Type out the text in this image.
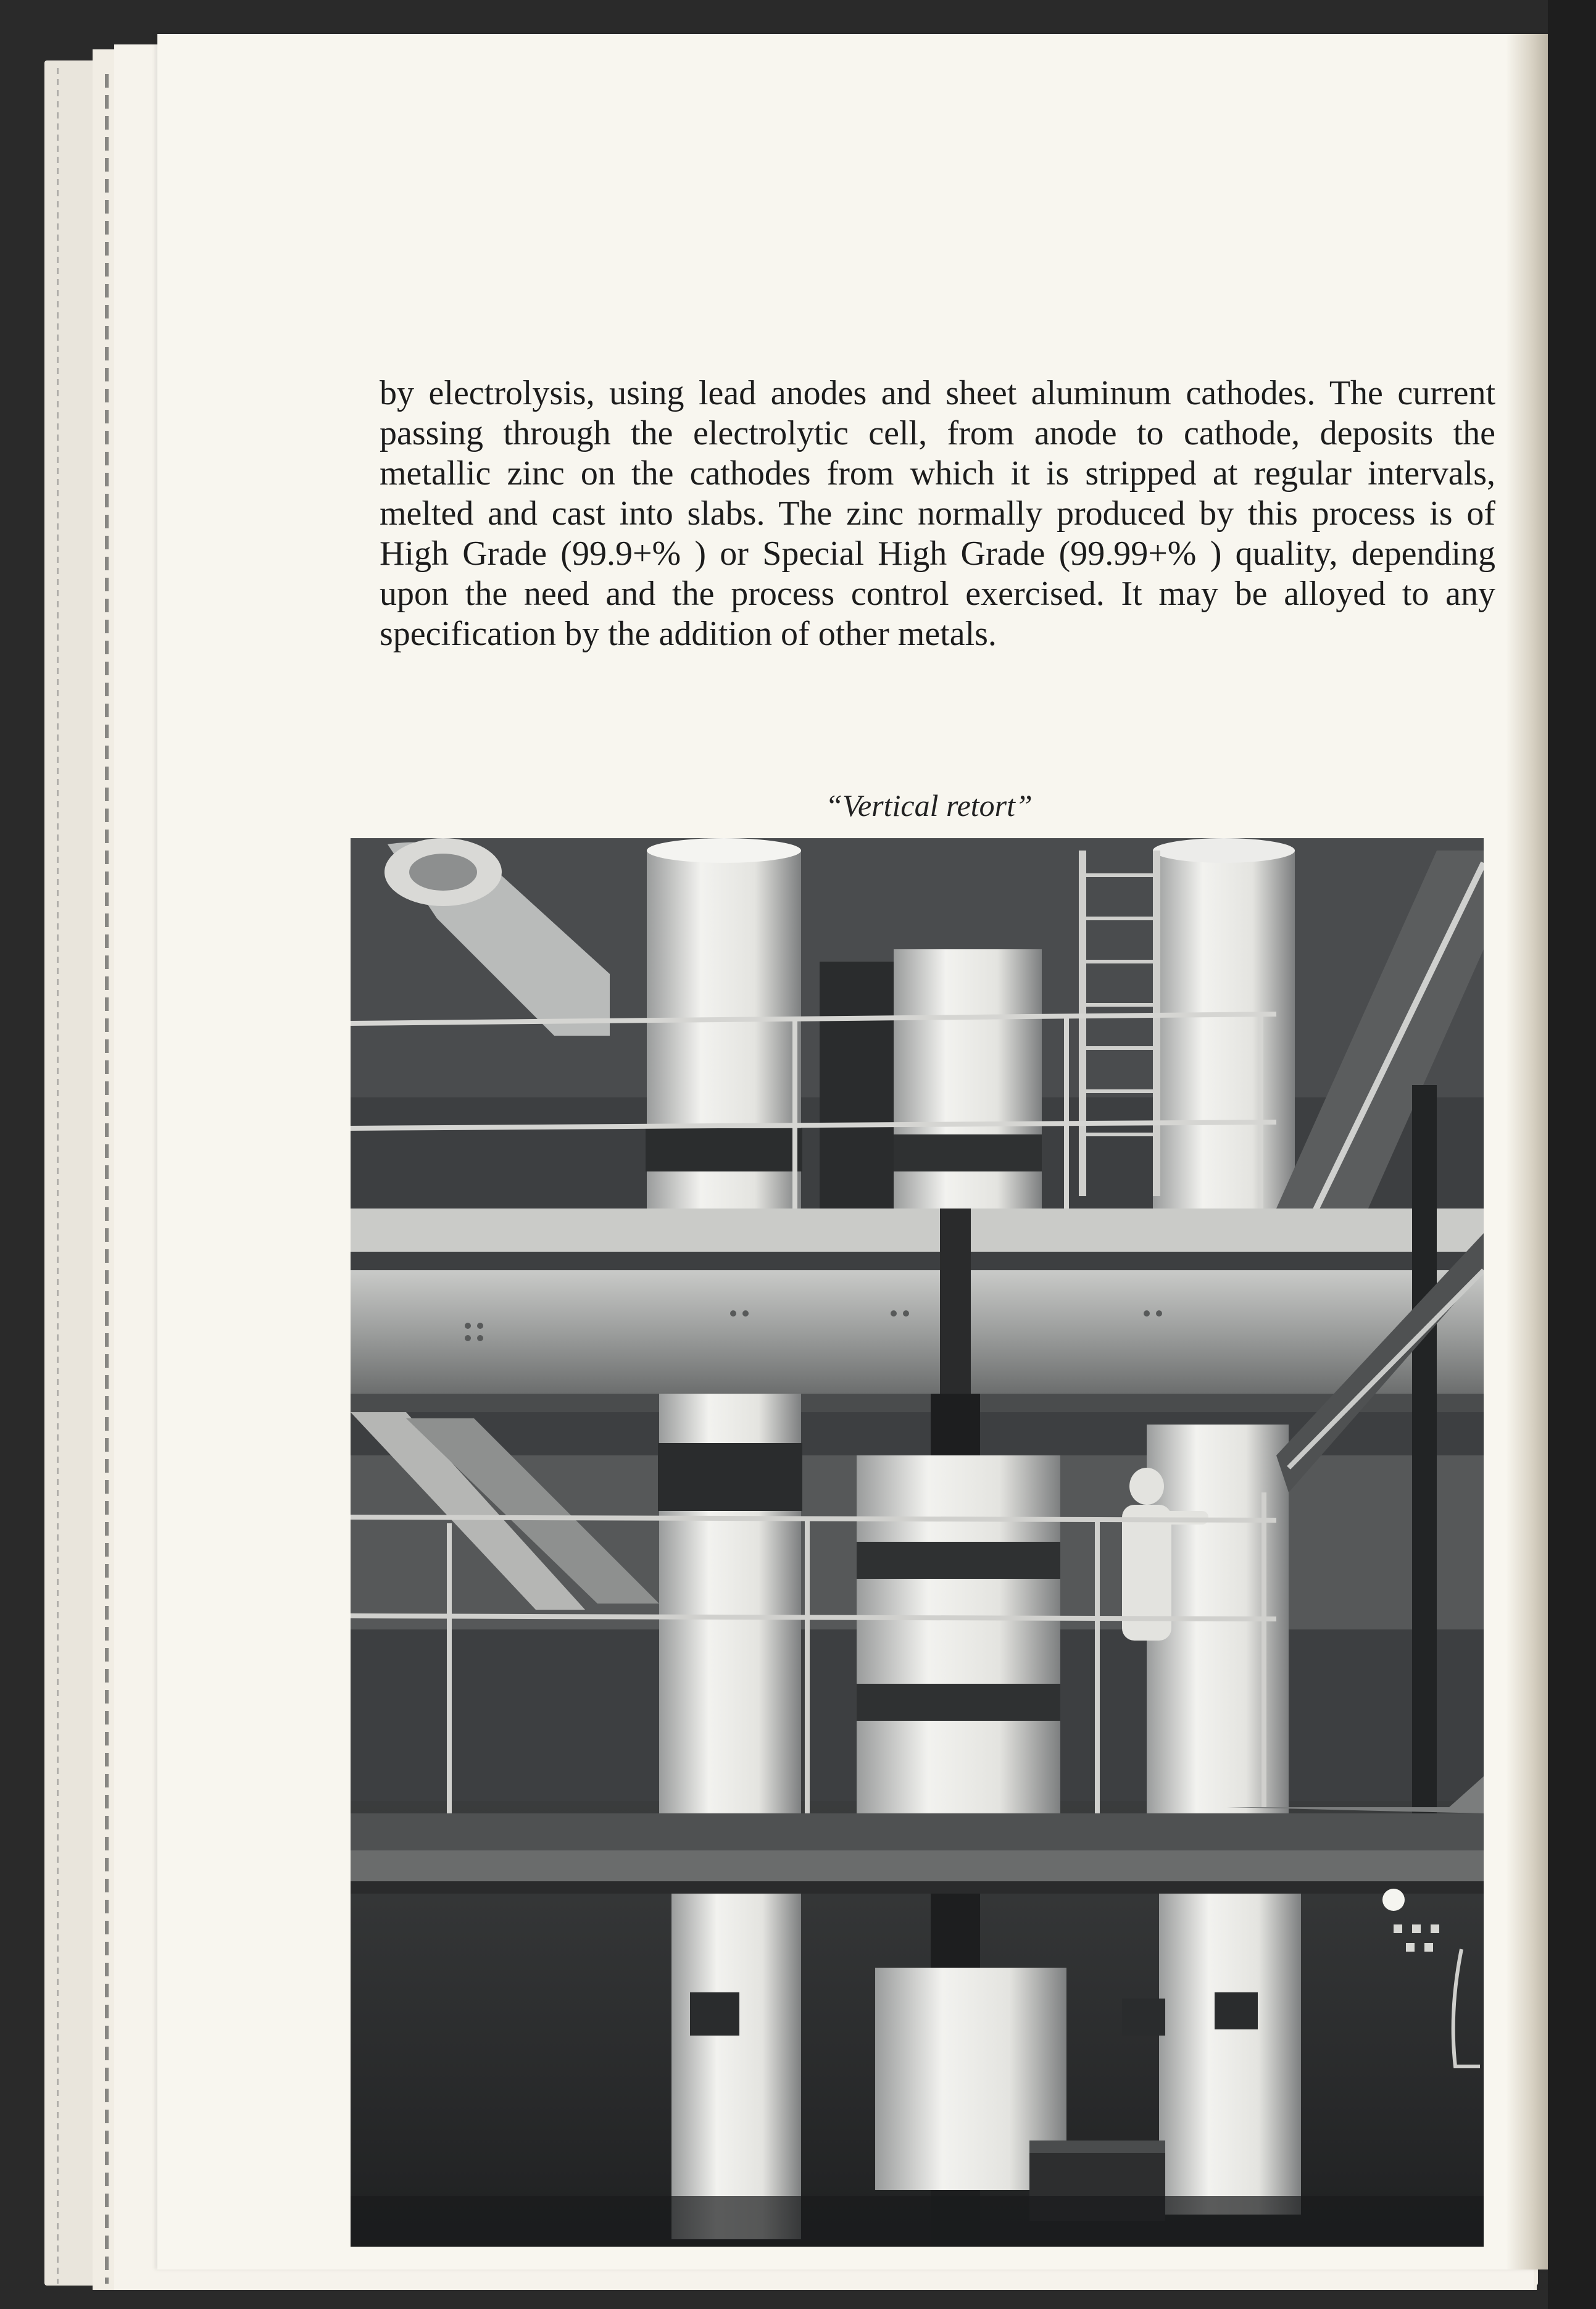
by electrolysis, using lead anodes and sheet aluminum cathodes. The current passing through the electrolytic cell, from anode to cathode, deposits the metallic zinc on the cathodes from which it is stripped at regular intervals, melted and cast into slabs. The zinc normally produced by this process is of High Grade (99.9+% ) or Special High Grade (99.99+% ) quality, depending upon the need and the process control exercised. It may be alloyed to any specification by the addition of other metals.

“Vertical retort”
